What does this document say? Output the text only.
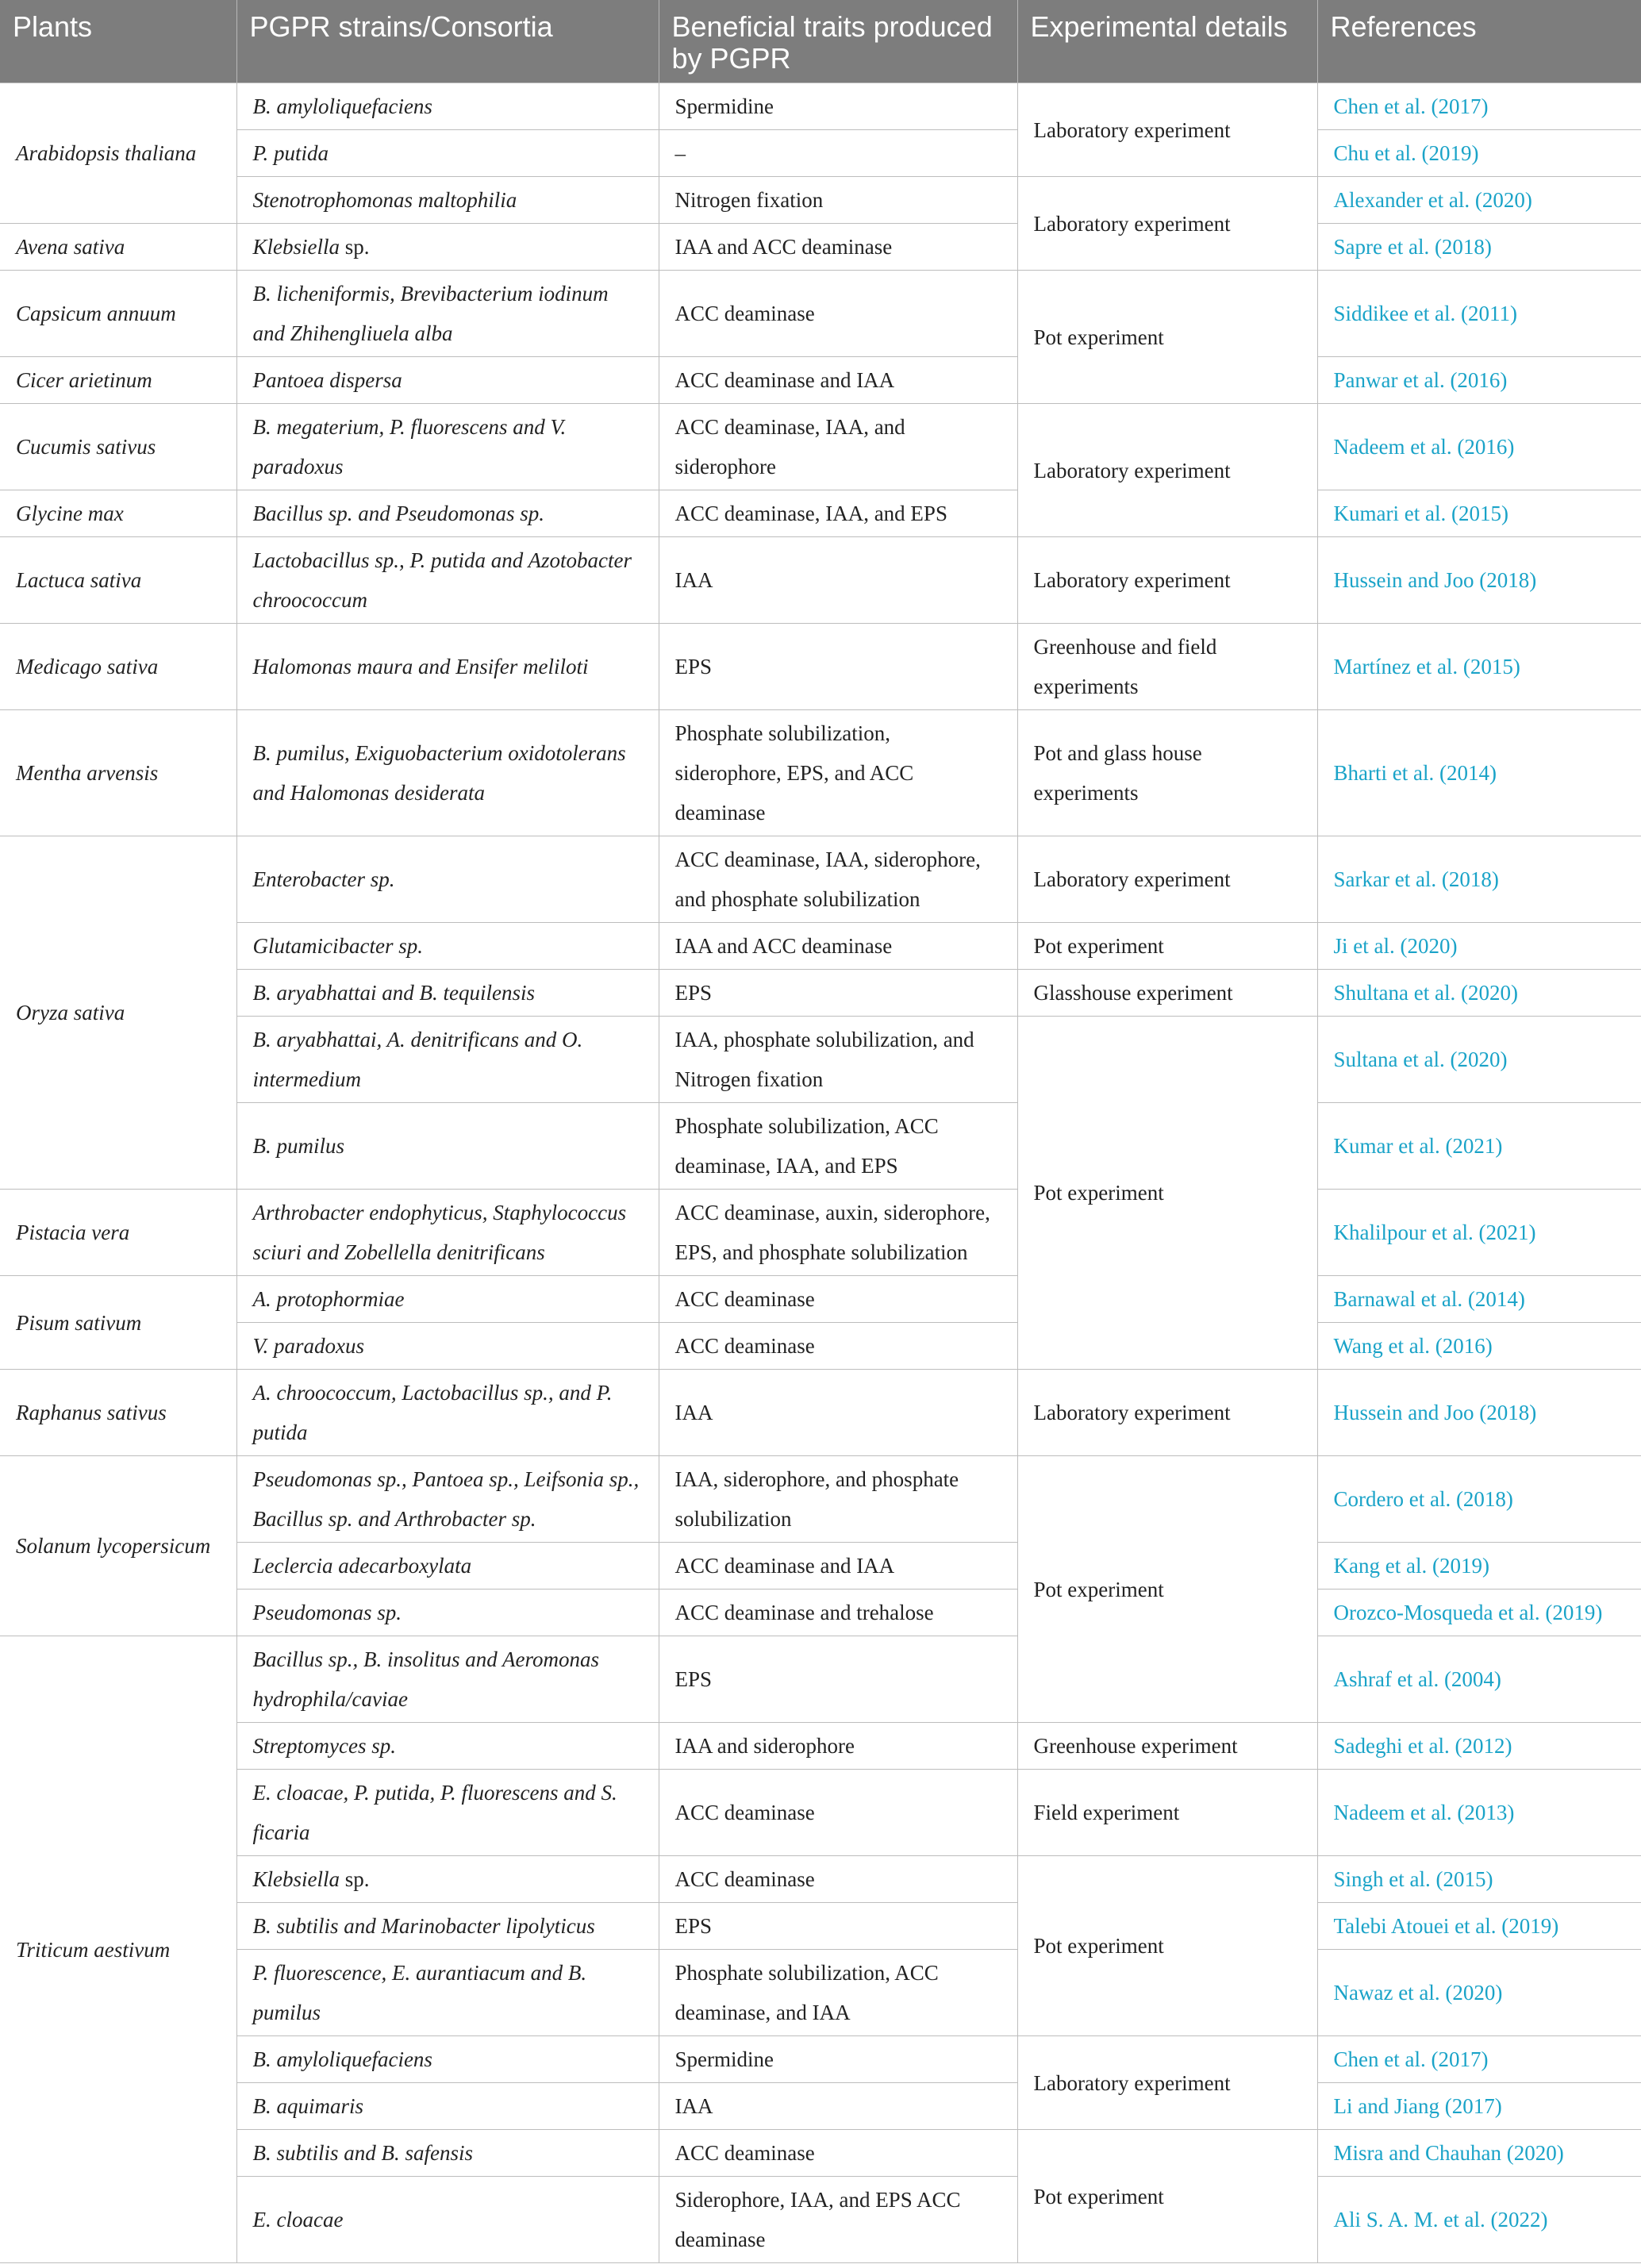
Plants	PGPR strains/Consortia	Beneficial traits produced by PGPR	Experimental details	References
Arabidopsis thaliana	B. amyloliquefaciens	Spermidine	Laboratory experiment	Chen et al. (2017)
	P. putida	–		Chu et al. (2019)
	Stenotrophomonas maltophilia	Nitrogen fixation	Laboratory experiment	Alexander et al. (2020)
Avena sativa	Klebsiella sp.	IAA and ACC deaminase		Sapre et al. (2018)
Capsicum annuum	B. licheniformis, Brevibacterium iodinum and Zhihengliuela alba	ACC deaminase	Pot experiment	Siddikee et al. (2011)
Cicer arietinum	Pantoea dispersa	ACC deaminase and IAA		Panwar et al. (2016)
Cucumis sativus	B. megaterium, P. fluorescens and V. paradoxus	ACC deaminase, IAA, and siderophore	Laboratory experiment	Nadeem et al. (2016)
Glycine max	Bacillus sp. and Pseudomonas sp.	ACC deaminase, IAA, and EPS		Kumari et al. (2015)
Lactuca sativa	Lactobacillus sp., P. putida and Azotobacter chroococcum	IAA	Laboratory experiment	Hussein and Joo (2018)
Medicago sativa	Halomonas maura and Ensifer meliloti	EPS	Greenhouse and field experiments	Martínez et al. (2015)
Mentha arvensis	B. pumilus, Exiguobacterium oxidotolerans and Halomonas desiderata	Phosphate solubilization, siderophore, EPS, and ACC deaminase	Pot and glass house experiments	Bharti et al. (2014)
Oryza sativa	Enterobacter sp.	ACC deaminase, IAA, siderophore, and phosphate solubilization	Laboratory experiment	Sarkar et al. (2018)
	Glutamicibacter sp.	IAA and ACC deaminase	Pot experiment	Ji et al. (2020)
	B. aryabhattai and B. tequilensis	EPS	Glasshouse experiment	Shultana et al. (2020)
	B. aryabhattai, A. denitrificans and O. intermedium	IAA, phosphate solubilization, and Nitrogen fixation	Pot experiment	Sultana et al. (2020)
	B. pumilus	Phosphate solubilization, ACC deaminase, IAA, and EPS		Kumar et al. (2021)
Pistacia vera	Arthrobacter endophyticus, Staphylococcus sciuri and Zobellella denitrificans	ACC deaminase, auxin, siderophore, EPS, and phosphate solubilization		Khalilpour et al. (2021)
Pisum sativum	A. protophormiae	ACC deaminase		Barnawal et al. (2014)
	V. paradoxus	ACC deaminase		Wang et al. (2016)
Raphanus sativus	A. chroococcum, Lactobacillus sp., and P. putida	IAA	Laboratory experiment	Hussein and Joo (2018)
Solanum lycopersicum	Pseudomonas sp., Pantoea sp., Leifsonia sp., Bacillus sp. and Arthrobacter sp.	IAA, siderophore, and phosphate solubilization	Pot experiment	Cordero et al. (2018)
	Leclercia adecarboxylata	ACC deaminase and IAA		Kang et al. (2019)
	Pseudomonas sp.	ACC deaminase and trehalose		Orozco-Mosqueda et al. (2019)
Triticum aestivum	Bacillus sp., B. insolitus and Aeromonas hydrophila/caviae	EPS		Ashraf et al. (2004)
	Streptomyces sp.	IAA and siderophore	Greenhouse experiment	Sadeghi et al. (2012)
	E. cloacae, P. putida, P. fluorescens and S. ficaria	ACC deaminase	Field experiment	Nadeem et al. (2013)
	Klebsiella sp.	ACC deaminase	Pot experiment	Singh et al. (2015)
	B. subtilis and Marinobacter lipolyticus	EPS		Talebi Atouei et al. (2019)
	P. fluorescence, E. aurantiacum and B. pumilus	Phosphate solubilization, ACC deaminase, and IAA		Nawaz et al. (2020)
	B. amyloliquefaciens	Spermidine	Laboratory experiment	Chen et al. (2017)
	B. aquimaris	IAA		Li and Jiang (2017)
	B. subtilis and B. safensis	ACC deaminase	Pot experiment	Misra and Chauhan (2020)
	E. cloacae	Siderophore, IAA, and EPS ACC deaminase		Ali S. A. M. et al. (2022)
